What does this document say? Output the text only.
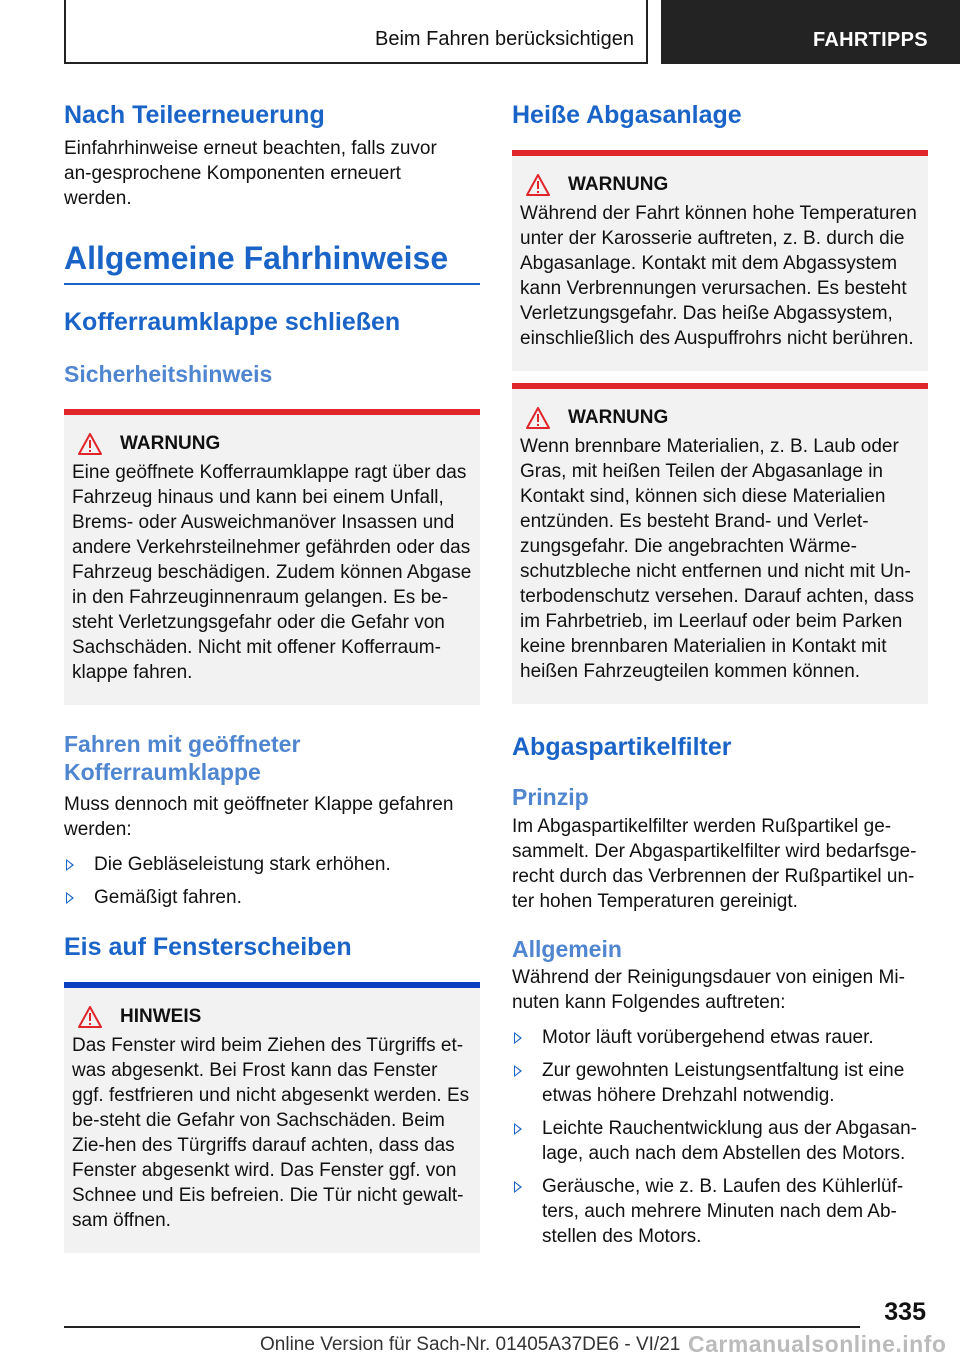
Beim Fahren berücksichtigen	FAHRTIPPS
Nach Teileerneuerung

Einfahrhinweise erneut beachten, falls zuvor an-gesprochene Komponenten erneuert werden.

Allgemeine Fahrhinweise
Kofferraumklappe schließen
Sicherheitshinweis
WARNUNG

Eine geöffnete Kofferraumklappe ragt über das Fahrzeug hinaus und kann bei einem Unfall, Brems- oder Ausweichmanöver Insassen und andere Verkehrsteilnehmer gefährden oder das Fahrzeug beschädigen. Zudem können Abgase in den Fahrzeuginnenraum gelangen. Es be-steht Verletzungsgefahr oder die Gefahr von Sachschäden. Nicht mit offener Kofferraum-klappe fahren.

Fahren mit geöffneter Kofferraumklappe

Muss dennoch mit geöffneter Klappe gefahren werden:

Die Gebläseleistung stark erhöhen.
Gemäßigt fahren.
Eis auf Fensterscheiben
HINWEIS

Das Fenster wird beim Ziehen des Türgriffs et-was abgesenkt. Bei Frost kann das Fenster ggf. festfrieren und nicht abgesenkt werden. Es be-steht die Gefahr von Sachschäden. Beim Zie-hen des Türgriffs darauf achten, dass das Fenster abgesenkt wird. Das Fenster ggf. von Schnee und Eis befreien. Die Tür nicht gewalt-sam öffnen.

Heiße Abgasanlage
WARNUNG

Während der Fahrt können hohe Temperaturen unter der Karosserie auftreten, z. B. durch die Abgasanlage. Kontakt mit dem Abgassystem kann Verbrennungen verursachen. Es besteht Verletzungsgefahr. Das heiße Abgassystem, einschließlich des Auspuffrohrs nicht berühren.

WARNUNG

Wenn brennbare Materialien, z. B. Laub oder Gras, mit heißen Teilen der Abgasanlage in Kontakt sind, können sich diese Materialien entzünden. Es besteht Brand- und Verlet-zungsgefahr. Die angebrachten Wärme-schutzbleche nicht entfernen und nicht mit Un-terbodenschutz versehen. Darauf achten, dass im Fahrbetrieb, im Leerlauf oder beim Parken keine brennbaren Materialien in Kontakt mit heißen Fahrzeugteilen kommen können.

Abgaspartikelfilter
Prinzip

Im Abgaspartikelfilter werden Rußpartikel ge-sammelt. Der Abgaspartikelfilter wird bedarfsge-recht durch das Verbrennen der Rußpartikel un-ter hohen Temperaturen gereinigt.

Allgemein

Während der Reinigungsdauer von einigen Mi-nuten kann Folgendes auftreten:

Motor läuft vorübergehend etwas rauer.
Zur gewohnten Leistungsentfaltung ist eine etwas höhere Drehzahl notwendig.
Leichte Rauchentwicklung aus der Abgasan-lage, auch nach dem Abstellen des Motors.
Geräusche, wie z. B. Laufen des Kühlerlüf-ters, auch mehrere Minuten nach dem Ab-stellen des Motors.
335
Online Version für Sach-Nr. 01405A37DE6 - VI/21 Carmanualsonline.info
